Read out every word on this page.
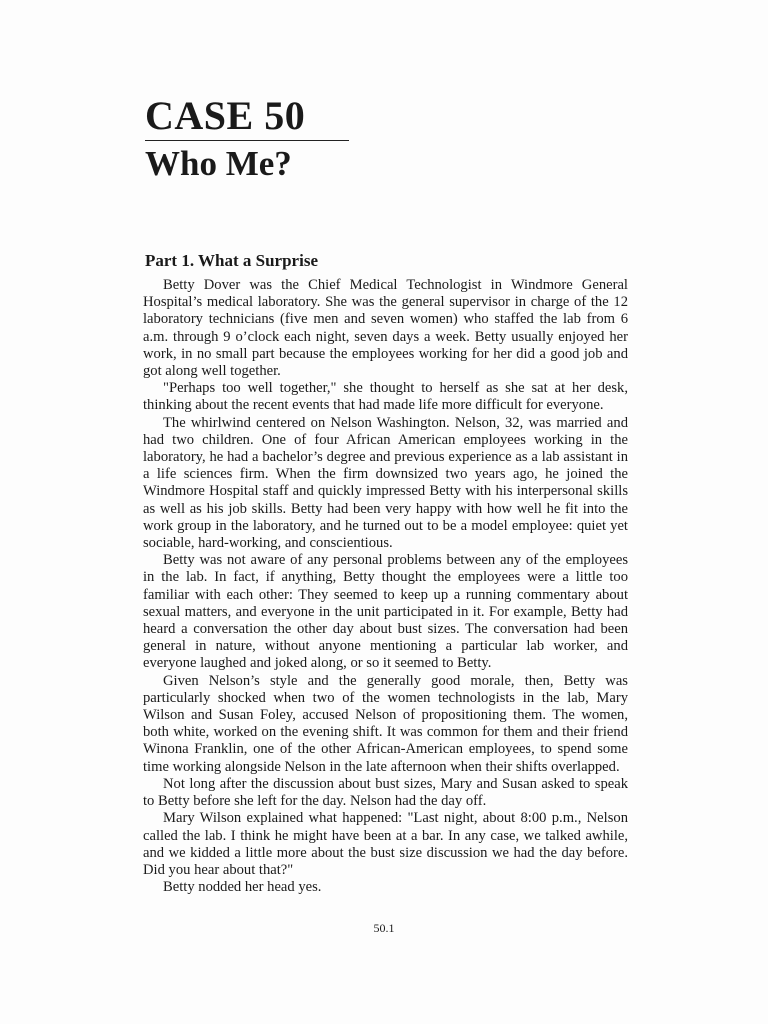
CASE 50
Who Me?
Part 1. What a Surprise

Betty Dover was the Chief Medical Technologist in Windmore General Hospital’s medical laboratory. She was the general supervisor in charge of the 12 laboratory technicians (five men and seven women) who staffed the lab from 6 a.m. through 9 o’clock each night, seven days a week. Betty usually enjoyed her work, in no small part because the employees working for her did a good job and got along well together.

"Perhaps too well together," she thought to herself as she sat at her desk, thinking about the recent events that had made life more difficult for everyone.

The whirlwind centered on Nelson Washington. Nelson, 32, was married and had two children. One of four African American employees working in the laboratory, he had a bachelor’s degree and previous experience as a lab assistant in a life sciences firm. When the firm downsized two years ago, he joined the Windmore Hospital staff and quickly impressed Betty with his interpersonal skills as well as his job skills. Betty had been very happy with how well he fit into the work group in the laboratory, and he turned out to be a model employee: quiet yet sociable, hard-working, and conscientious.

Betty was not aware of any personal problems between any of the employees in the lab. In fact, if anything, Betty thought the employees were a little too familiar with each other: They seemed to keep up a running commentary about sexual matters, and everyone in the unit participated in it. For example, Betty had heard a conversation the other day about bust sizes. The conversation had been general in nature, without anyone mentioning a particular lab worker, and everyone laughed and joked along, or so it seemed to Betty.

Given Nelson’s style and the generally good morale, then, Betty was particularly shocked when two of the women technologists in the lab, Mary Wilson and Susan Foley, accused Nelson of propositioning them. The women, both white, worked on the evening shift. It was common for them and their friend Winona Franklin, one of the other African-American employees, to spend some time working alongside Nelson in the late afternoon when their shifts overlapped.

Not long after the discussion about bust sizes, Mary and Susan asked to speak to Betty before she left for the day. Nelson had the day off.

Mary Wilson explained what happened: "Last night, about 8:00 p.m., Nelson called the lab. I think he might have been at a bar. In any case, we talked awhile, and we kidded a little more about the bust size discussion we had the day before. Did you hear about that?"

Betty nodded her head yes.

50.1
